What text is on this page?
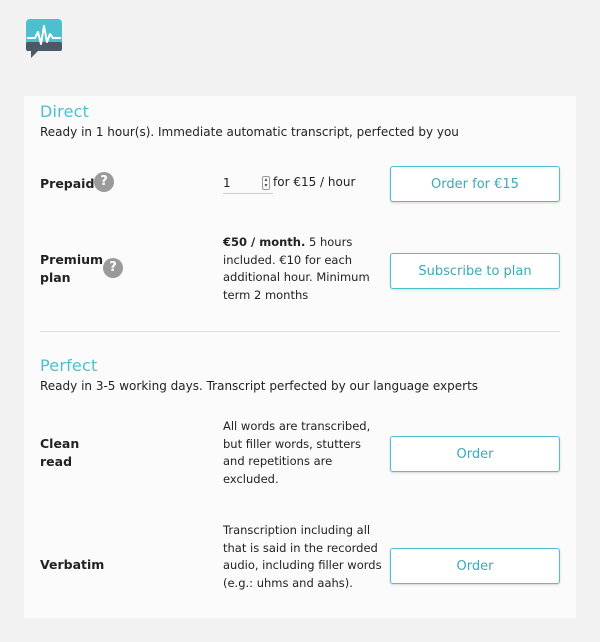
Direct
Ready in 1 hour(s). Immediate automatic transcript, perfected by you
Prepaid ?
1	▴
▾ for €15 / hour	Order for €15
Premium plan
?
€50 / month. 5 hours included. €10 for each additional hour. Minimum term 2 months
Subscribe to plan
Perfect
Ready in 3-5 working days. Transcript perfected by our language experts
Clean read
All words are transcribed, but filler words, stutters and repetitions are excluded.
Order
Verbatim
Transcription including all that is said in the recorded audio, including filler words (e.g.: uhms and aahs).
Order
